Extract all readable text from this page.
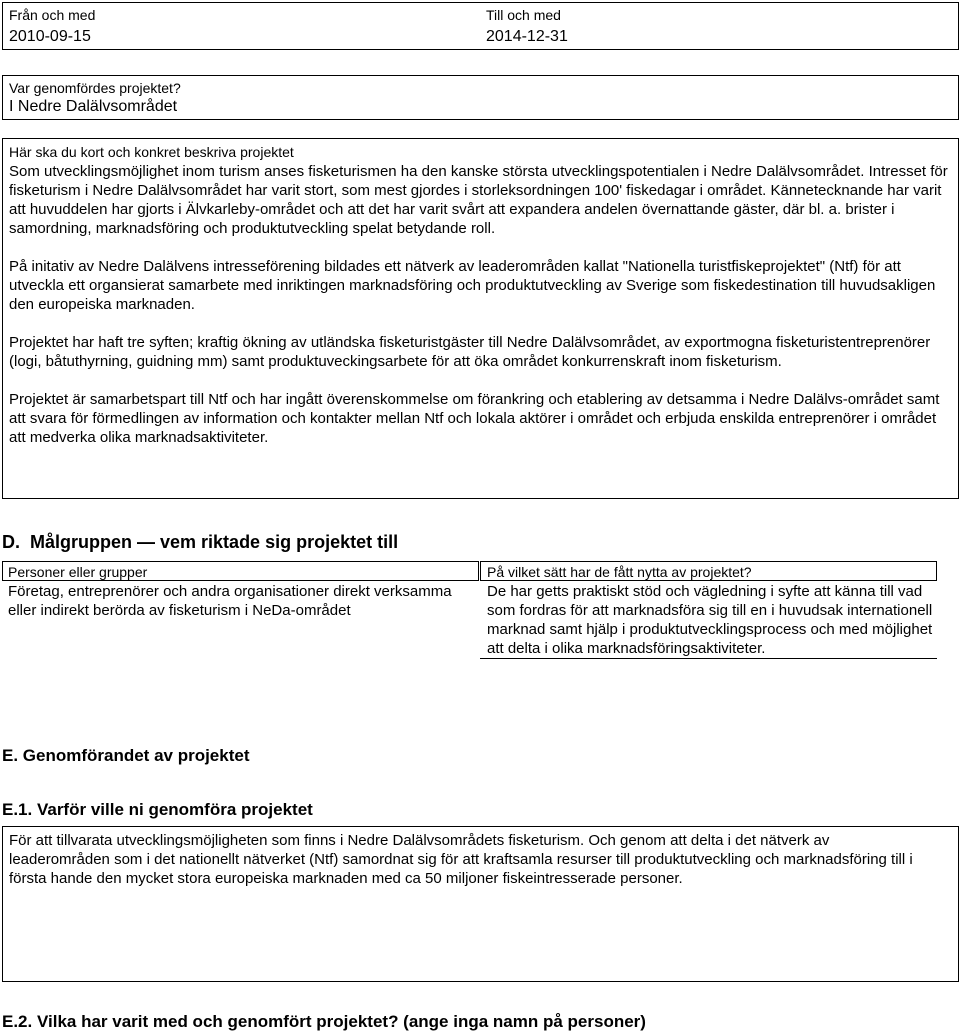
Från och med
2010-09-15
Till och med
2014-12-31
Var genomfördes projektet?
I Nedre Dalälvsområdet
Här ska du kort och konkret beskriva projektet

Som utvecklingsmöjlighet inom turism anses fisketurismen ha den kanske största utvecklingspotentialen i Nedre Dalälvsområdet. Intresset för fisketurism i Nedre Dalälvsområdet har varit stort, som mest gjordes i storleksordningen 100' fiskedagar i området. Kännetecknande har varit att huvuddelen har gjorts i Älvkarleby-området och att det har varit svårt att expandera andelen övernattande gäster, där bl. a. brister i samordning, marknadsföring och produktutveckling spelat betydande roll.

På initativ av Nedre Dalälvens intresseförening bildades ett nätverk av leaderområden kallat "Nationella turistfiskeprojektet" (Ntf) för att utveckla ett organsierat samarbete med inriktingen marknadsföring och produktutveckling av Sverige som fiskedestination till huvudsakligen den europeiska marknaden.

Projektet har haft tre syften; kraftig ökning av utländska fisketuristgäster till Nedre Dalälvsområdet, av exportmogna fisketuristentreprenörer (logi, båtuthyrning, guidning mm) samt produktuveckingsarbete för att öka området konkurrenskraft inom fisketurism.

Projektet är samarbetspart till Ntf och har ingått överenskommelse om förankring och etablering av detsamma i Nedre Dalälvs-området samt att svara för förmedlingen av information och kontakter mellan Ntf och lokala aktörer i området och erbjuda enskilda entreprenörer i området att medverka olika marknadsaktiviteter.

D. Målgruppen — vem riktade sig projektet till
Personer eller grupper
Företag, entreprenörer och andra organisationer direkt verksamma eller indirekt berörda av fisketurism i NeDa-området
På vilket sätt har de fått nytta av projektet?
De har getts praktiskt stöd och vägledning i syfte att känna till vad som fordras för att marknadsföra sig till en i huvudsak internationell marknad samt hjälp i produktutvecklingsprocess och med möjlighet att delta i olika marknadsföringsaktiviteter.
E. Genomförandet av projektet
E.1. Varför ville ni genomföra projektet
För att tillvarata utvecklingsmöjligheten som finns i Nedre Dalälvsområdets fisketurism. Och genom att delta i det nätverk av leaderområden som i det nationellt nätverket (Ntf) samordnat sig för att kraftsamla resurser till produktutveckling och marknadsföring till i första hande den mycket stora europeiska marknaden med ca 50 miljoner fiskeintresserade personer.
E.2. Vilka har varit med och genomfört projektet? (ange inga namn på personer)
